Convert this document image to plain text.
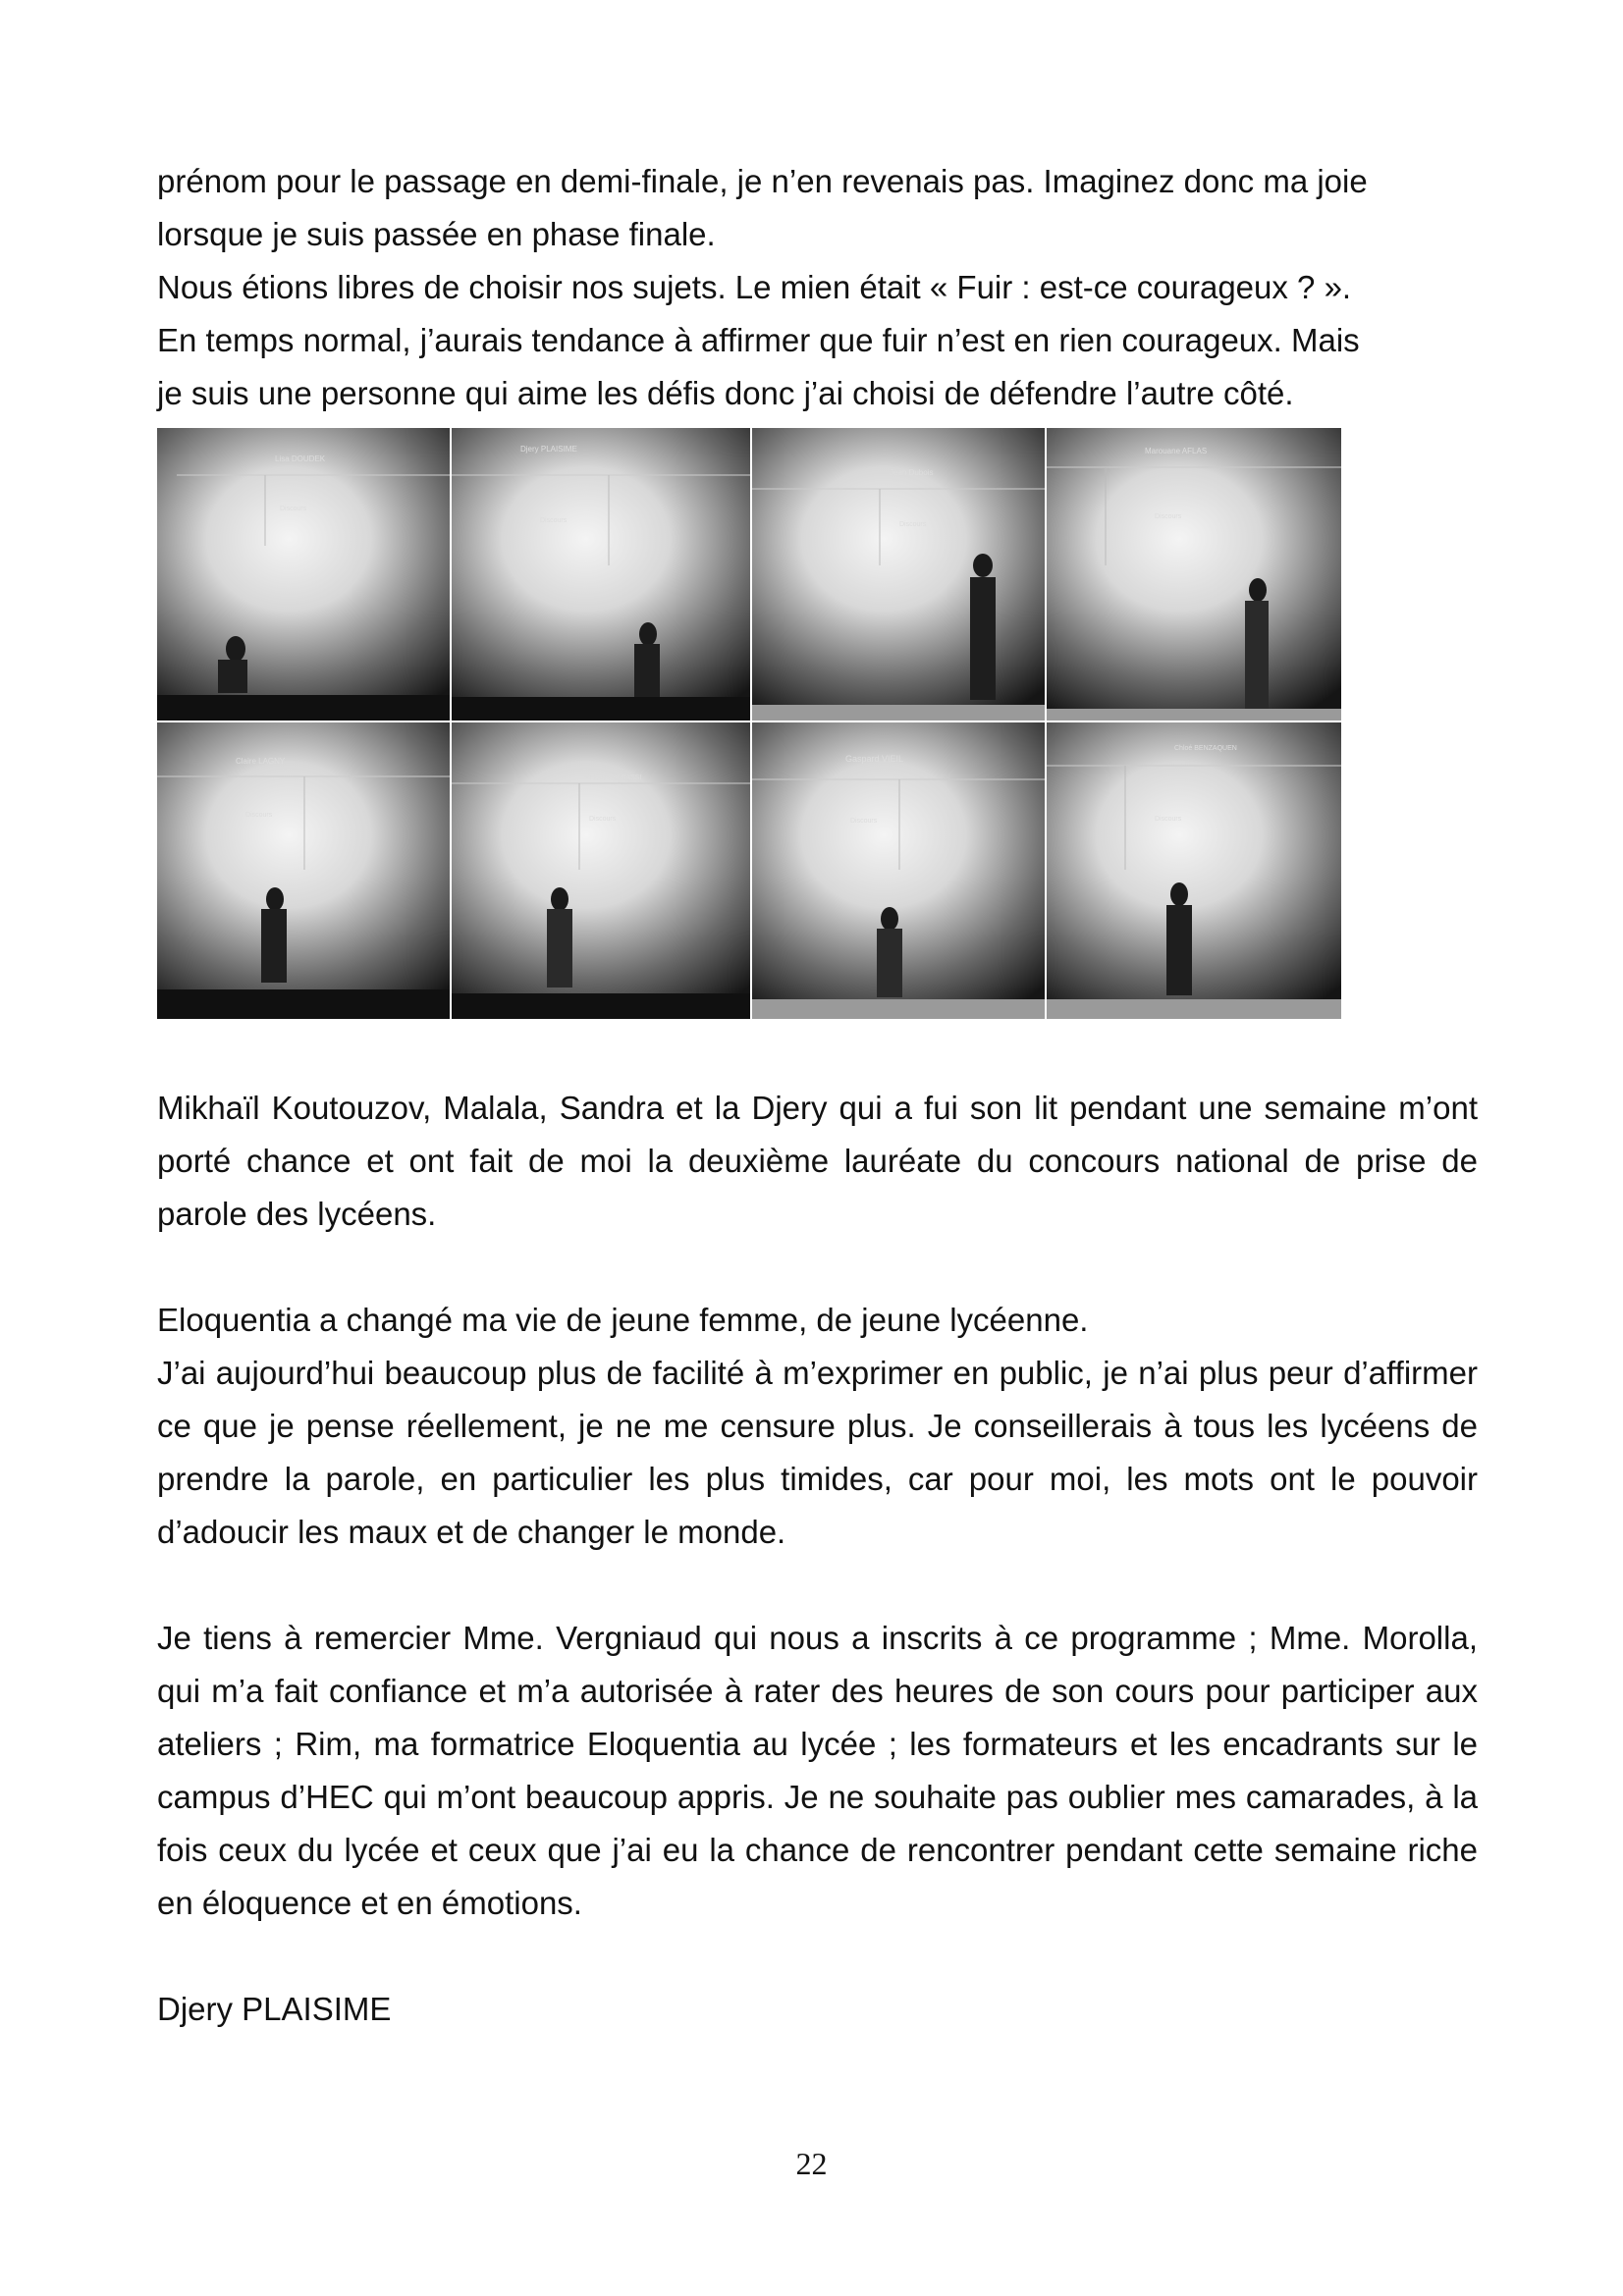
prénom pour le passage en demi-finale, je n’en revenais pas. Imaginez donc ma joie
lorsque je suis passée en phase finale.
Nous étions libres de choisir nos sujets. Le mien était « Fuir : est-ce courageux ? ».
En temps normal, j’aurais tendance à affirmer que fuir n’est en rien courageux. Mais
je suis une personne qui aime les défis donc j’ai choisi de défendre l’autre côté.
Lisa DOUDEK
Discours
Djery PLAISIME
Discours
Jean Dubois
Discours
Marouane AFLAS
Discours
Claire LAGNY
Discours
Melody KALBASSI
Discours
Gaspard VIEIL
Discours
Chloé BENZAQUEN
Discours

Mikhaïl Koutouzov, Malala, Sandra et la Djery qui a fui son lit pendant une semaine m’ont porté chance et ont fait de moi la deuxième lauréate du concours national de prise de parole des lycéens.

Eloquentia a changé ma vie de jeune femme, de jeune lycéenne.
J’ai aujourd’hui beaucoup plus de facilité à m’exprimer en public, je n’ai plus peur d’affirmer ce que je pense réellement, je ne me censure plus. Je conseillerais à tous les lycéens de prendre la parole, en particulier les plus timides, car pour moi, les mots ont le pouvoir d’adoucir les maux et de changer le monde.

Je tiens à remercier Mme. Vergniaud qui nous a inscrits à ce programme ; Mme. Morolla, qui m’a fait confiance et m’a autorisée à rater des heures de son cours pour participer aux ateliers ; Rim, ma formatrice Eloquentia au lycée ; les formateurs et les encadrants sur le campus d’HEC qui m’ont beaucoup appris. Je ne souhaite pas oublier mes camarades, à la fois ceux du lycée et ceux que j’ai eu la chance de rencontrer pendant cette semaine riche en éloquence et en émotions.

Djery PLAISIME

22
